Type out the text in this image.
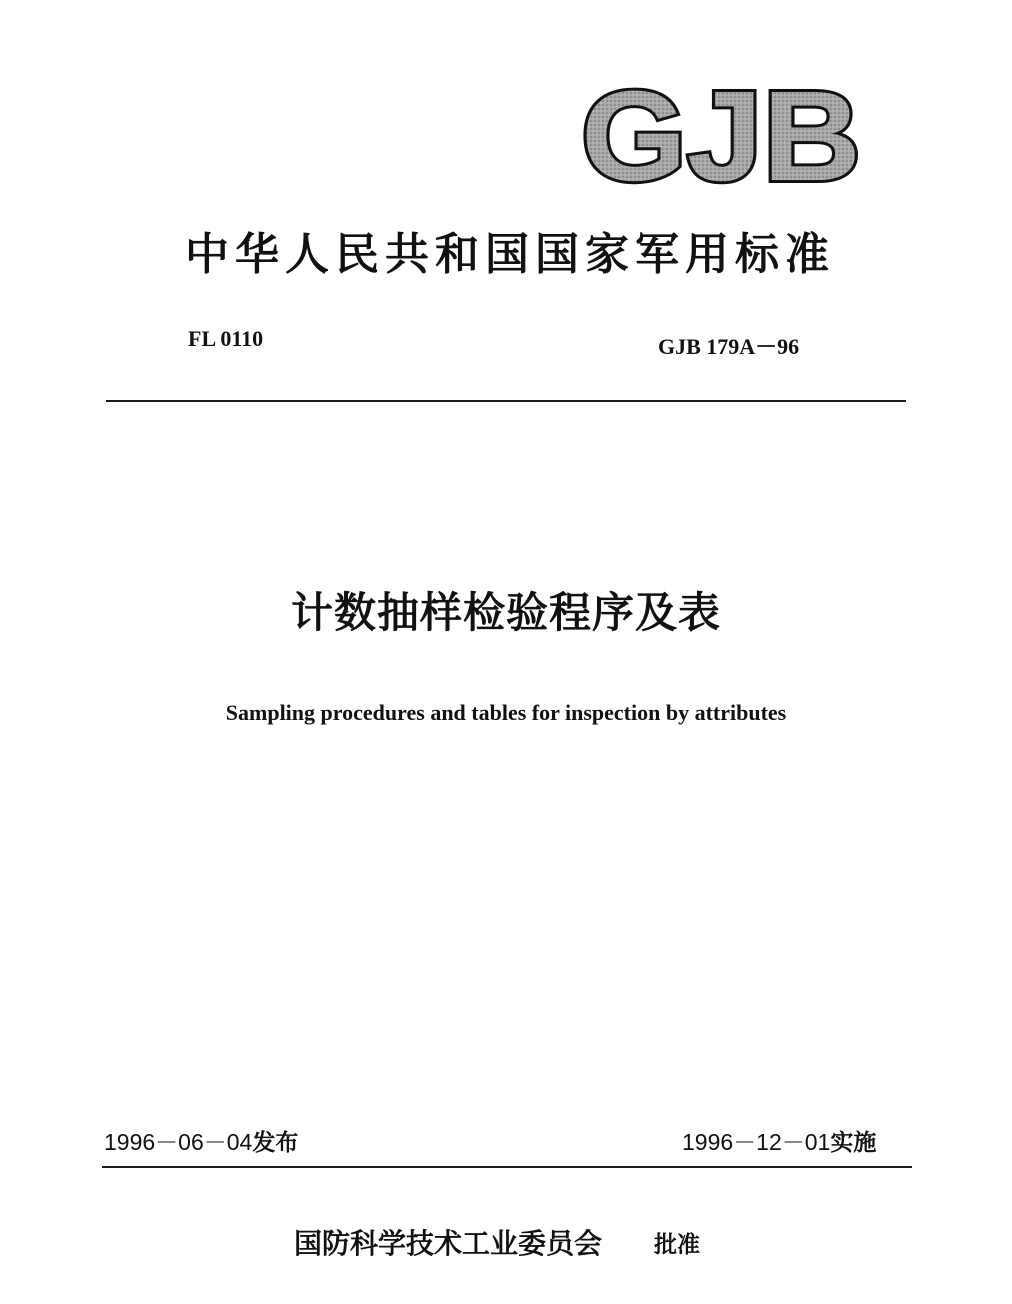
GJB
中华人民共和国国家军用标准
FL 0110	GJB 179A－96
计数抽样检验程序及表
Sampling procedures and tables for inspection by attributes
1996－06－04发布	1996－12－01实施
国防科学技术工业委员会 批准
